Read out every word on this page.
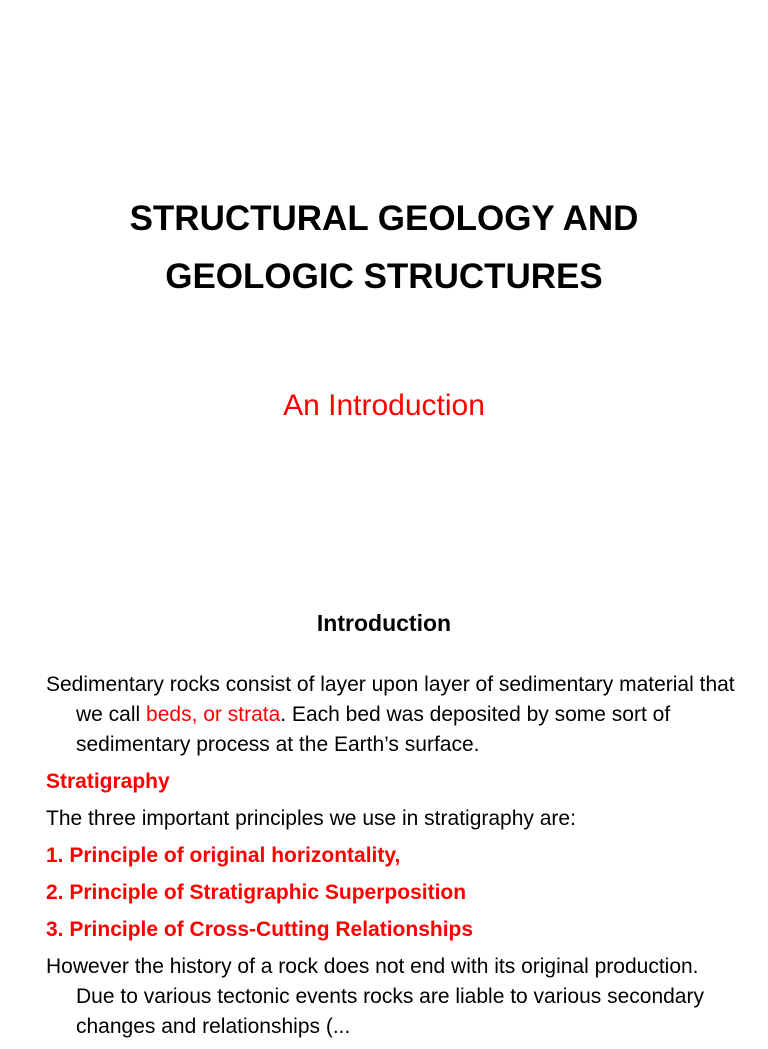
STRUCTURAL GEOLOGY AND
GEOLOGIC STRUCTURES
An Introduction
Introduction

Sedimentary rocks consist of layer upon layer of sedimentary material that we call beds, or strata. Each bed was deposited by some sort of sedimentary process at the Earth’s surface.

Stratigraphy

The three important principles we use in stratigraphy are:

1. Principle of original horizontality,

2. Principle of Stratigraphic Superposition

3. Principle of Cross-Cutting Relationships

However the history of a rock does not end with its original production. Due to various tectonic events rocks are liable to various secondary changes and relationships (...
